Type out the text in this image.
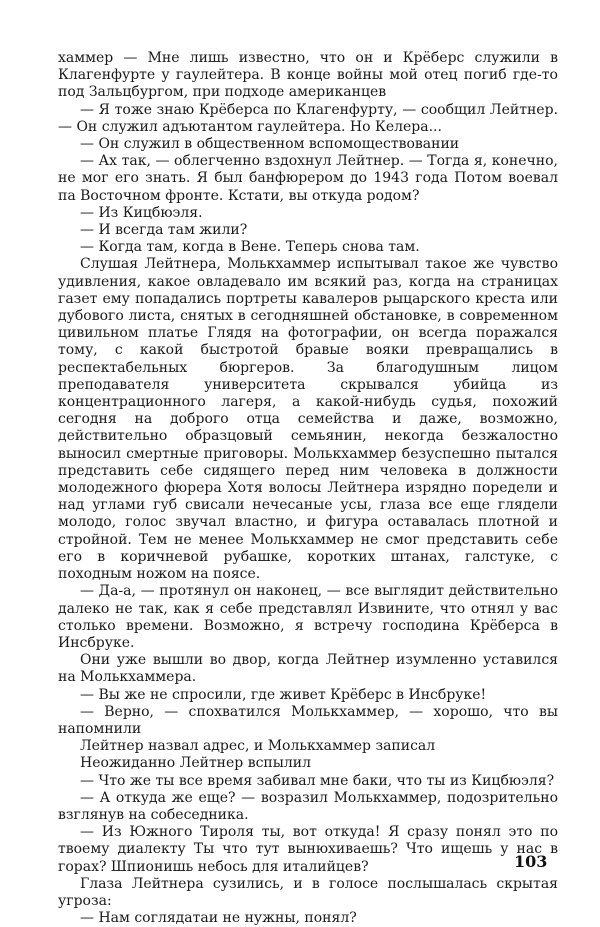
хаммер — Мне лишь известно, что он и Крёберс служили в Клагенфурте у гаулейтера. В конце войны мой отец погиб где-то под Зальцбургом, при подходе американцев

— Я тоже знаю Крёберса по Клагенфурту, — сообщил Лейтнер. — Он служил адъютантом гаулейтера. Но Келера...

— Он служил в общественном вспомоществовании

— Ах так, — облегченно вздохнул Лейтнер. — Тогда я, конечно, не мог его знать. Я был банфюрером до 1943 года Потом воевал па Восточном фронте. Кстати, вы откуда родом?

— Из Кицбюэля.

— И всегда там жили?

— Когда там, когда в Вене. Теперь снова там.

Слушая Лейтнера, Молькхаммер испытывал такое же чувство удивления, какое овладевало им всякий раз, когда на страницах газет ему попадались портреты кавалеров рыцарского креста или дубового листа, снятых в сегодняшней обстановке, в современном цивильном платье Глядя на фотографии, он всегда поражался тому, с какой быстротой бравые вояки превращались в респектабельных бюргеров. За благодушным лицом преподавателя университета скрывался убийца из концентрационного лагеря, а какой-нибудь судья, похожий сегодня на доброго отца семейства и даже, возможно, действительно образцовый семьянин, некогда безжалостно выносил смертные приговоры. Молькхаммер безуспешно пытался представить себе сидящего перед ним человека в должности молодежного фюрера Хотя волосы Лейтнера изрядно поредели и над углами губ свисали нечесаные усы, глаза все еще глядели молодо, голос звучал властно, и фигура оставалась плотной и стройной. Тем не менее Молькхаммер не смог представить себе его в коричневой рубашке, коротких штанах, галстуке, с походным ножом на поясе.

— Да-а, — протянул он наконец, — все выглядит действительно далеко не так, как я себе представлял Извините, что отнял у вас столько времени. Возможно, я встречу господина Крёберса в Инсбруке.

Они уже вышли во двор, когда Лейтнер изумленно уставился на Молькхаммера.

— Вы же не спросили, где живет Крёберс в Инсбруке!

— Верно, — спохватился Молькхаммер, — хорошо, что вы напомнили

Лейтнер назвал адрес, и Молькхаммер записал

Неожиданно Лейтнер вспылил

— Что же ты все время забивал мне баки, что ты из Кицбюэля?

— А откуда же еще? — возразил Молькхаммер, подозрительно взглянув на собеседника.

— Из Южного Тироля ты, вот откуда! Я сразу понял это по твоему диалекту Ты что тут вынюхиваешь? Что ищешь у нас в горах? Шпионишь небось для италийцев?

Глаза Лейтнера сузились, и в голосе послышалась скрытая угроза:

— Нам соглядатаи не нужны, понял?

103
